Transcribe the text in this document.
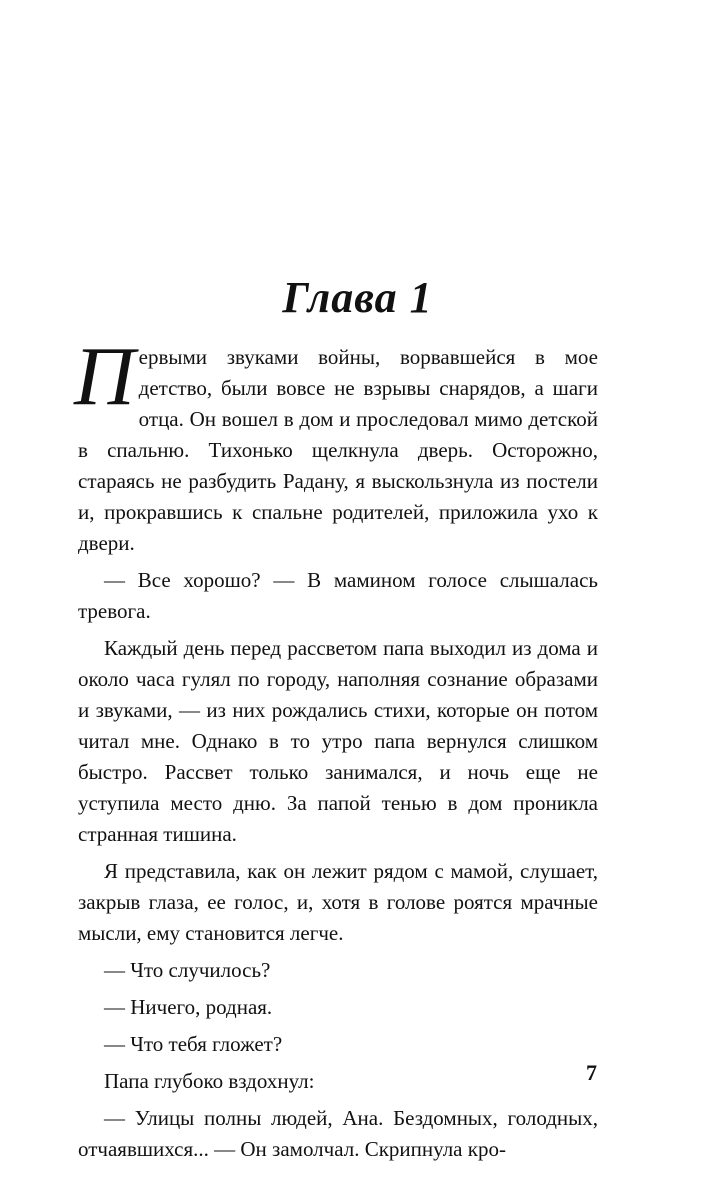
Глава 1

Первыми звуками войны, ворвавшейся в мое детство, были вовсе не взрывы снарядов, а шаги отца. Он вошел в дом и проследовал мимо детской в спальню. Тихонько щелкнула дверь. Осторожно, стараясь не разбудить Радану, я выскользнула из постели и, прокравшись к спальне родителей, приложила ухо к двери.

— Все хорошо? — В мамином голосе слышалась тревога.

Каждый день перед рассветом папа выходил из дома и около часа гулял по городу, наполняя сознание образами и звуками, — из них рождались стихи, которые он потом читал мне. Однако в то утро папа вернулся слишком быстро. Рассвет только занимался, и ночь еще не уступила место дню. За папой тенью в дом проникла странная тишина.

Я представила, как он лежит рядом с мамой, слушает, закрыв глаза, ее голос, и, хотя в голове роятся мрачные мысли, ему становится легче.

— Что случилось?

— Ничего, родная.

— Что тебя гложет?

Папа глубоко вздохнул:

— Улицы полны людей, Ана. Бездомных, голодных, отчаявшихся... — Он замолчал. Скрипнула кро-

7
